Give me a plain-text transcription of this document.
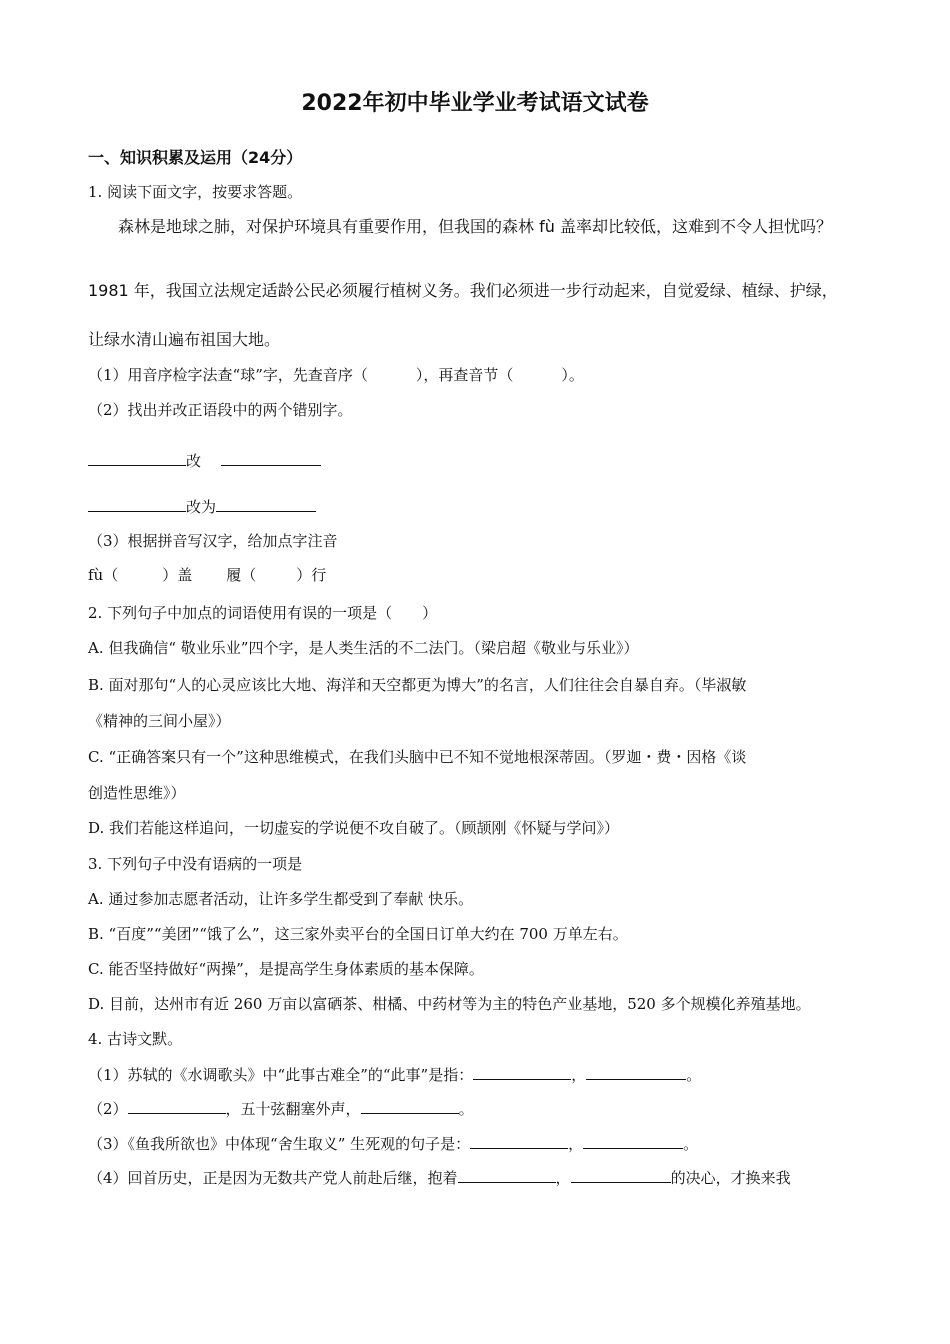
2022年初中毕业学业考试语文试卷
一、知识积累及运用（24分）
1. 阅读下面文字，按要求答题。
森林是地球之肺，对保护环境具有重要作用，但我国的森林 fù 盖率却比较低，这难到不令人担忧吗？
1981 年，我国立法规定适龄公民必须履行植树义务。我们必须进一步行动起来，自觉爱绿、植绿、护绿，
让绿水清山遍布祖国大地。
（1）用音序检字法查“球”字，先查音序（	），再查音节（	）。
（2）找出并改正语段中的两个错别字。
改
改为
（3）根据拼音写汉字，给加点字注音
fù（	）盖 履（	）行
2. 下列句子中加点的词语使用有误的一项是（　　）
A. 但我确信“ 敬业乐业”四个字，是人类生活的不二法门。（梁启超《敬业与乐业》）
B. 面对那句“人的心灵应该比大地、海洋和天空都更为博大”的名言，人们往往会自暴自弃。（毕淑敏
《精神的三间小屋》）
C. “正确答案只有一个”这种思维模式，在我们头脑中已不知不觉地根深蒂固。（罗迦・费・因格《谈
创造性思维》）
D. 我们若能这样追问，一切虚妄的学说便不攻自破了。（顾颉刚《怀疑与学问》）
3. 下列句子中没有语病的一项是
A. 通过参加志愿者活动，让许多学生都受到了奉献 快乐。
B. “百度”“美团”“饿了么”，这三家外卖平台的全国日订单大约在 700 万单左右。
C. 能否坚持做好“两操”，是提高学生身体素质的基本保障。
D. 目前，达州市有近 260 万亩以富硒茶、柑橘、中药材等为主的特色产业基地，520 多个规模化养殖基地。
4. 古诗文默。
（1）苏轼的《水调歌头》中“此事古难全”的“此事”是指：	，	。
（2）	，五十弦翻塞外声，	。
（3）《鱼我所欲也》中体现“舍生取义” 生死观的句子是：	，	。
（4）回首历史，正是因为无数共产党人前赴后继，抱着	，	的决心，才换来我
